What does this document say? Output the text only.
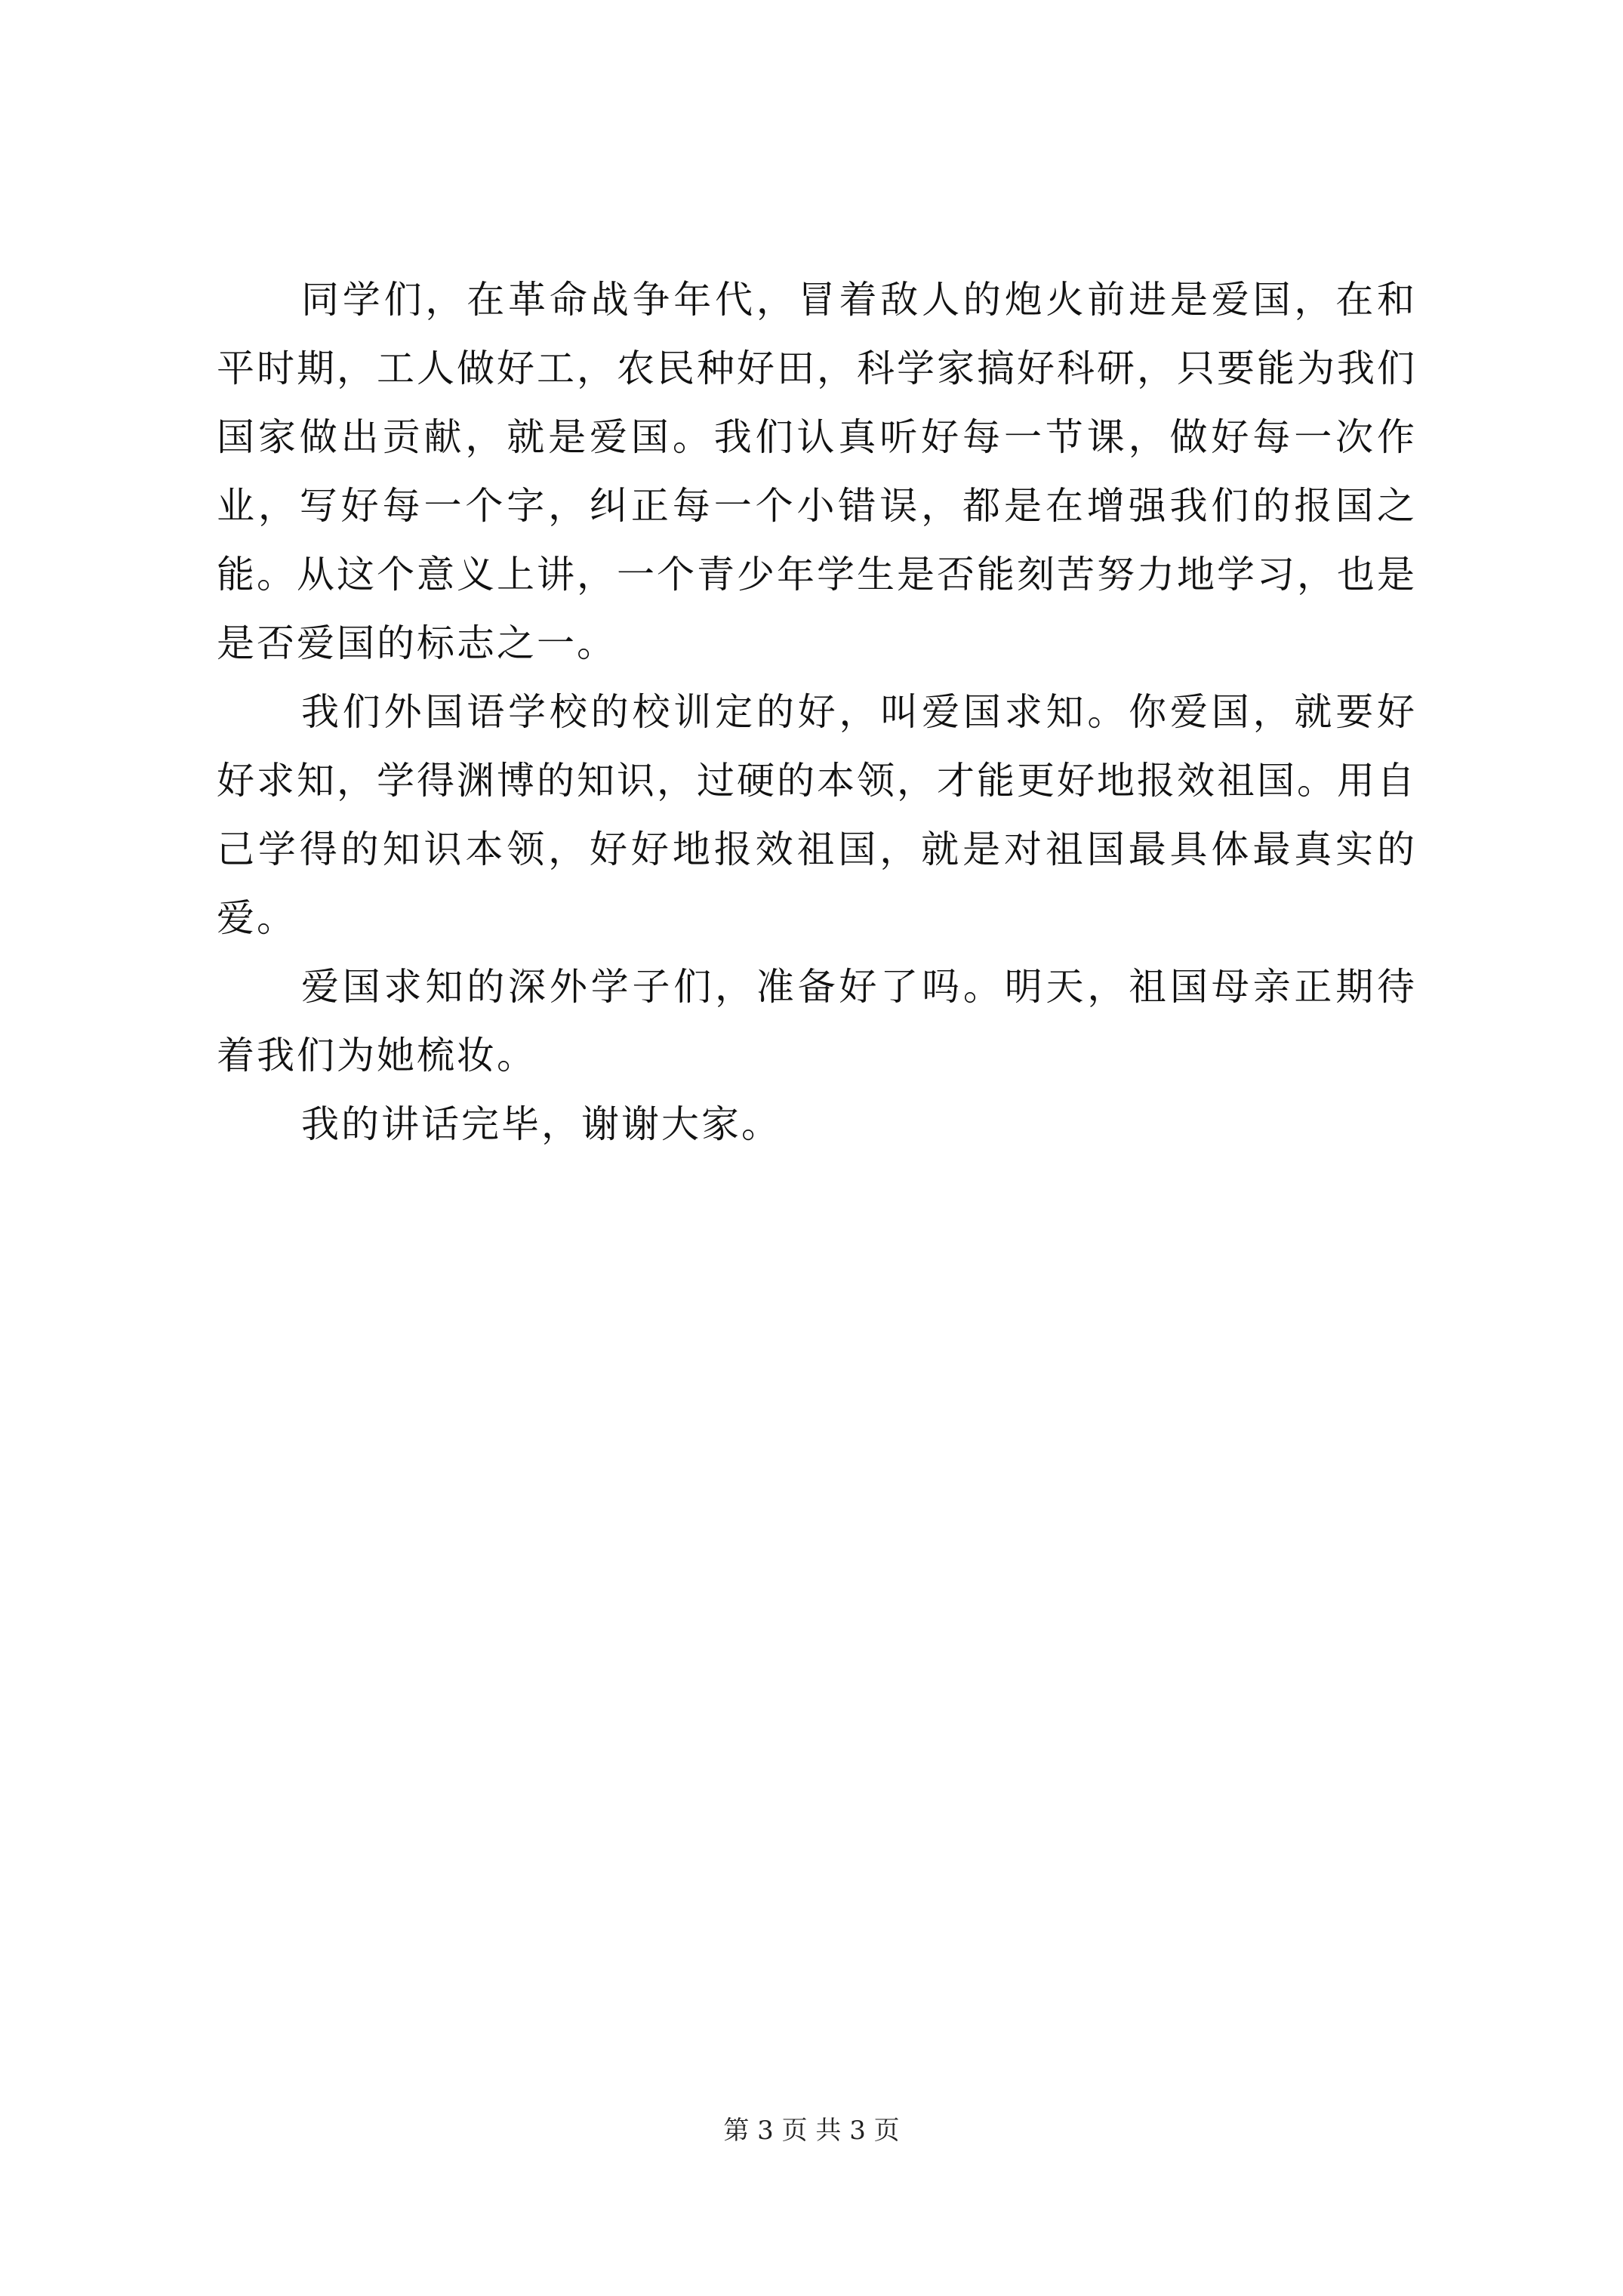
同学们，在革命战争年代，冒着敌人的炮火前进是爱国，在和平时期，工人做好工，农民种好田，科学家搞好科研，只要能为我们国家做出贡献，就是爱国。我们认真听好每一节课，做好每一次作业，写好每一个字，纠正每一个小错误，都是在增强我们的报国之能。从这个意义上讲，一个青少年学生是否能刻苦努力地学习，也是是否爱国的标志之一。

我们外国语学校的校训定的好，叫爱国求知。你爱国，就要好好求知，学得渊博的知识，过硬的本领，才能更好地报效祖国。用自己学得的知识本领，好好地报效祖国，就是对祖国最具体最真实的爱。

爱国求知的深外学子们，准备好了吗。明天，祖国母亲正期待着我们为她梳妆。

我的讲话完毕，谢谢大家。

第 3 页 共 3 页
